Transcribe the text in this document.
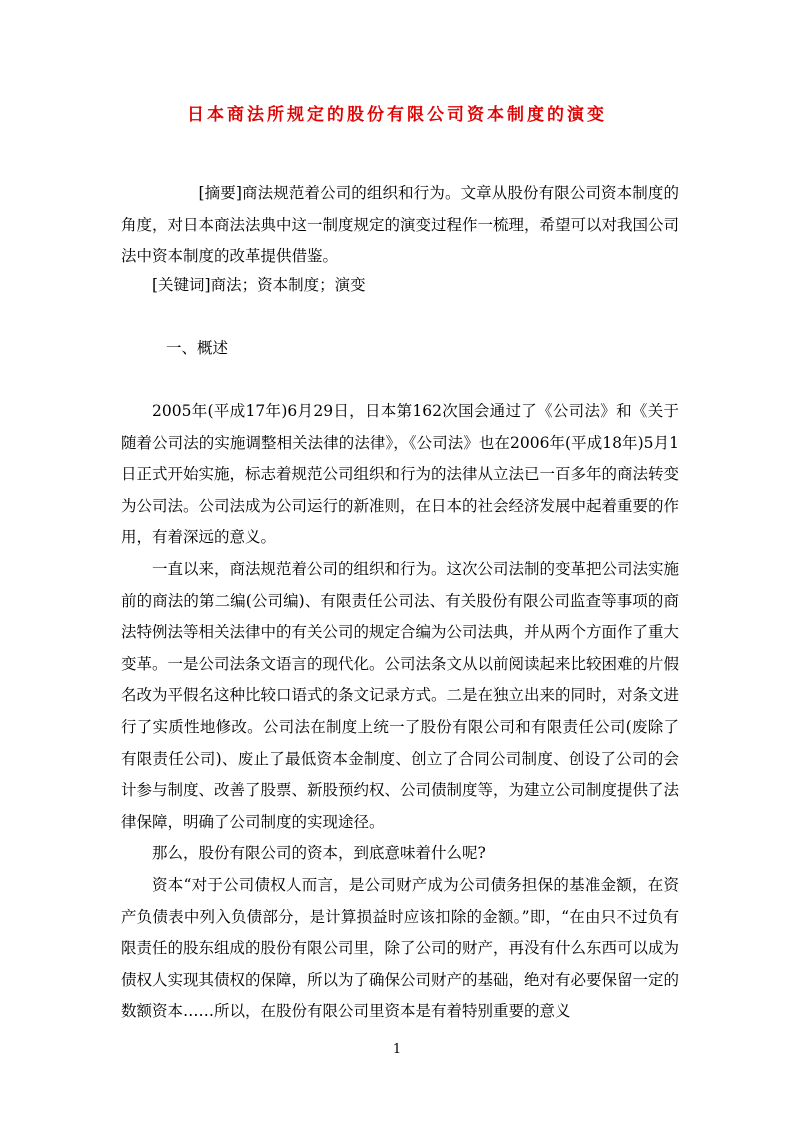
日本商法所规定的股份有限公司资本制度的演变

[摘要]商法规范着公司的组织和行为。文章从股份有限公司资本制度的角度，对日本商法法典中这一制度规定的演变过程作一梳理，希望可以对我国公司法中资本制度的改革提供借鉴。

[关键词]商法；资本制度；演变

一、概述

2005年(平成17年)6月29日，日本第162次国会通过了《公司法》和《关于随着公司法的实施调整相关法律的法律》，《公司法》也在2006年(平成18年)5月1日正式开始实施，标志着规范公司组织和行为的法律从立法已一百多年的商法转变为公司法。公司法成为公司运行的新准则，在日本的社会经济发展中起着重要的作用，有着深远的意义。

一直以来，商法规范着公司的组织和行为。这次公司法制的变革把公司法实施前的商法的第二编(公司编)、有限责任公司法、有关股份有限公司监查等事项的商法特例法等相关法律中的有关公司的规定合编为公司法典，并从两个方面作了重大变革。一是公司法条文语言的现代化。公司法条文从以前阅读起来比较困难的片假名改为平假名这种比较口语式的条文记录方式。二是在独立出来的同时，对条文进行了实质性地修改。公司法在制度上统一了股份有限公司和有限责任公司(废除了有限责任公司)、废止了最低资本金制度、创立了合同公司制度、创设了公司的会计参与制度、改善了股票、新股预约权、公司债制度等，为建立公司制度提供了法律保障，明确了公司制度的实现途径。

那么，股份有限公司的资本，到底意味着什么呢?

资本“对于公司债权人而言，是公司财产成为公司债务担保的基准金额，在资产负债表中列入负债部分，是计算损益时应该扣除的金额。”即，“在由只不过负有限责任的股东组成的股份有限公司里，除了公司的财产，再没有什么东西可以成为债权人实现其债权的保障，所以为了确保公司财产的基础，绝对有必要保留一定的数额资本……所以，在股份有限公司里资本是有着特别重要的意义

1
